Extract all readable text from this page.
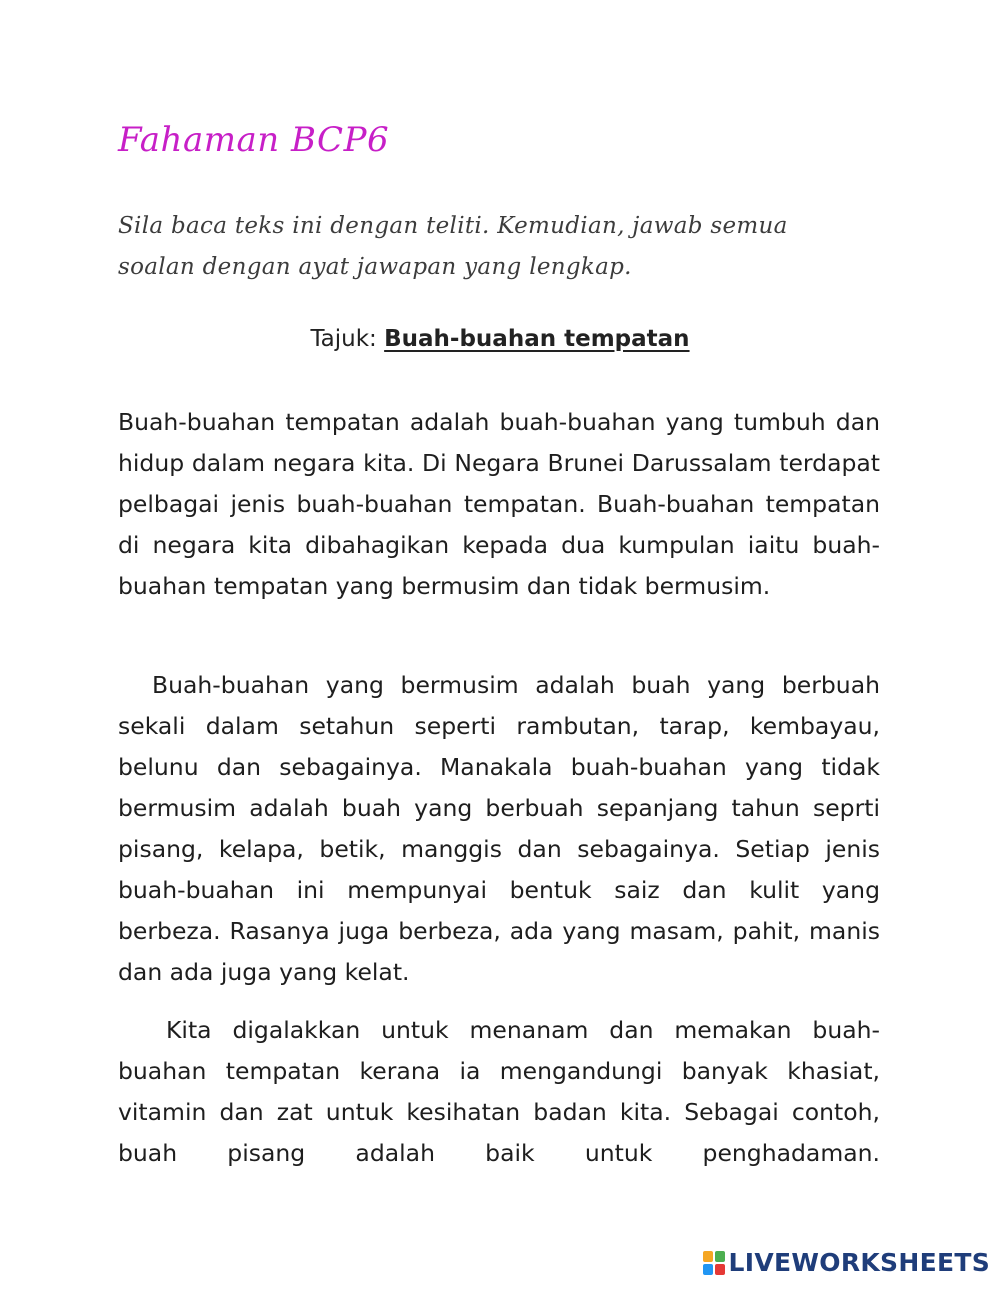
Fahaman BCP6
Sila baca teks ini dengan teliti. Kemudian, jawab semua soalan dengan ayat jawapan yang lengkap.
Tajuk: Buah-buahan tempatan

Buah-buahan tempatan adalah buah-buahan yang tumbuh dan hidup dalam negara kita. Di Negara Brunei Darussalam terdapat pelbagai jenis buah-buahan tempatan. Buah-buahan tempatan di negara kita dibahagikan kepada dua kumpulan iaitu buah-buahan tempatan yang bermusim dan tidak bermusim.

Buah-buahan yang bermusim adalah buah yang berbuah sekali dalam setahun seperti rambutan, tarap, kembayau, belunu dan sebagainya. Manakala buah-buahan yang tidak bermusim adalah buah yang berbuah sepanjang tahun seprti pisang, kelapa, betik, manggis dan sebagainya. Setiap jenis buah-buahan ini mempunyai bentuk saiz dan kulit yang berbeza. Rasanya juga berbeza, ada yang masam, pahit, manis dan ada juga yang kelat.

Kita digalakkan untuk menanam dan memakan buah-buahan tempatan kerana ia mengandungi banyak khasiat, vitamin dan zat untuk kesihatan badan kita. Sebagai contoh, buah pisang adalah baik untuk penghadaman.

LIVEWORKSHEETS
